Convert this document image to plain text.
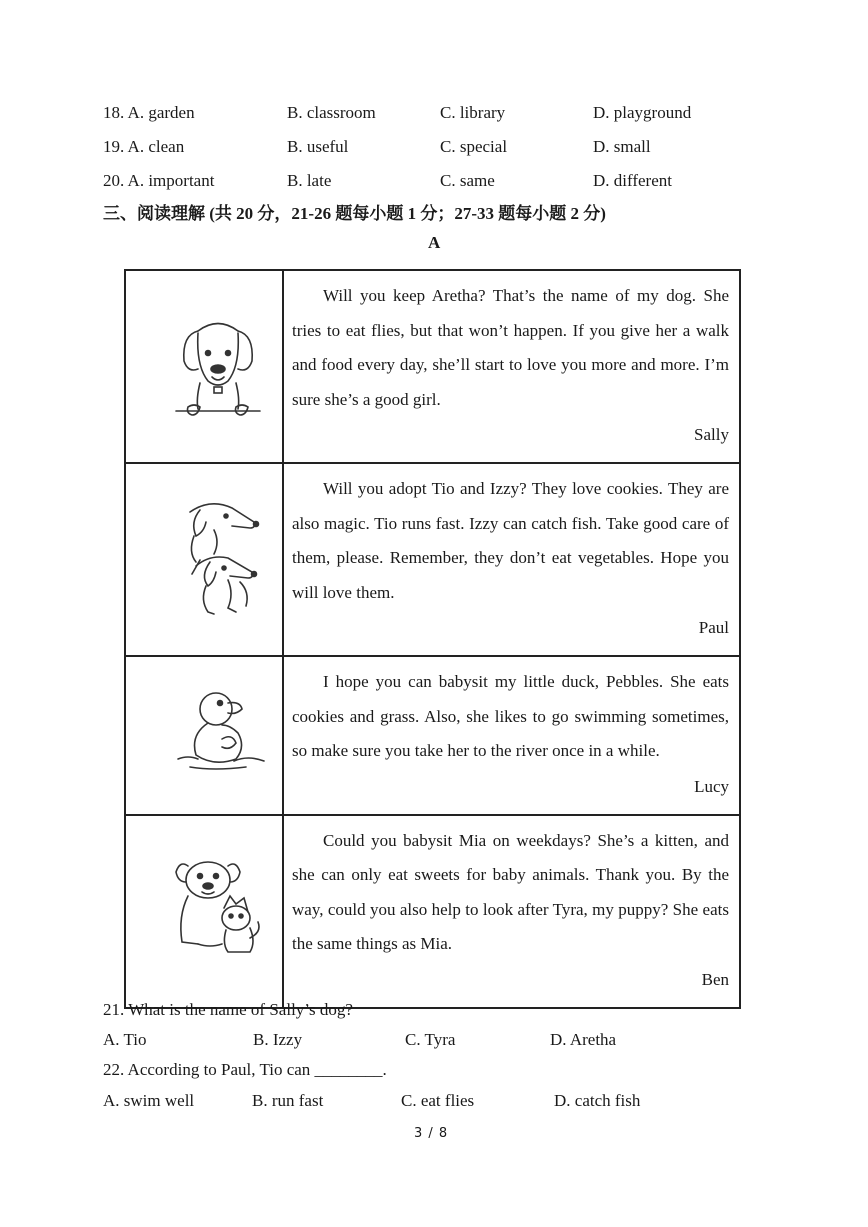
18. A. garden	B. classroom	C. library	D. playground
19. A. clean	B. useful	C. special	D. small
20. A. important	B. late	C. same	D. different
三、阅读理解 (共 20 分，21-26 题每小题 1 分；27-33 题每小题 2 分)
A

Will you keep Aretha? That’s the name of my dog. She tries to eat flies, but that won’t happen. If you give her a walk and food every day, she’ll start to love you more and more. I’m sure she’s a good girl.

Sally

Will you adopt Tio and Izzy? They love cookies. They are also magic. Tio runs fast. Izzy can catch fish. Take good care of them, please. Remember, they don’t eat vegetables. Hope you will love them.

Paul

I hope you can babysit my little duck, Pebbles. She eats cookies and grass. Also, she likes to go swimming sometimes, so make sure you take her to the river once in a while.

Lucy

Could you babysit Mia on weekdays? She’s a kitten, and she can only eat sweets for baby animals. Thank you. By the way, could you also help to look after Tyra, my puppy? She eats the same things as Mia.

Ben
21. What is the name of Sally’s dog?
A. Tio	B. Izzy	C. Tyra	D. Aretha
22. According to Paul, Tio can ________.
A. swim well	B. run fast	C. eat flies	D. catch fish
3 / 8
